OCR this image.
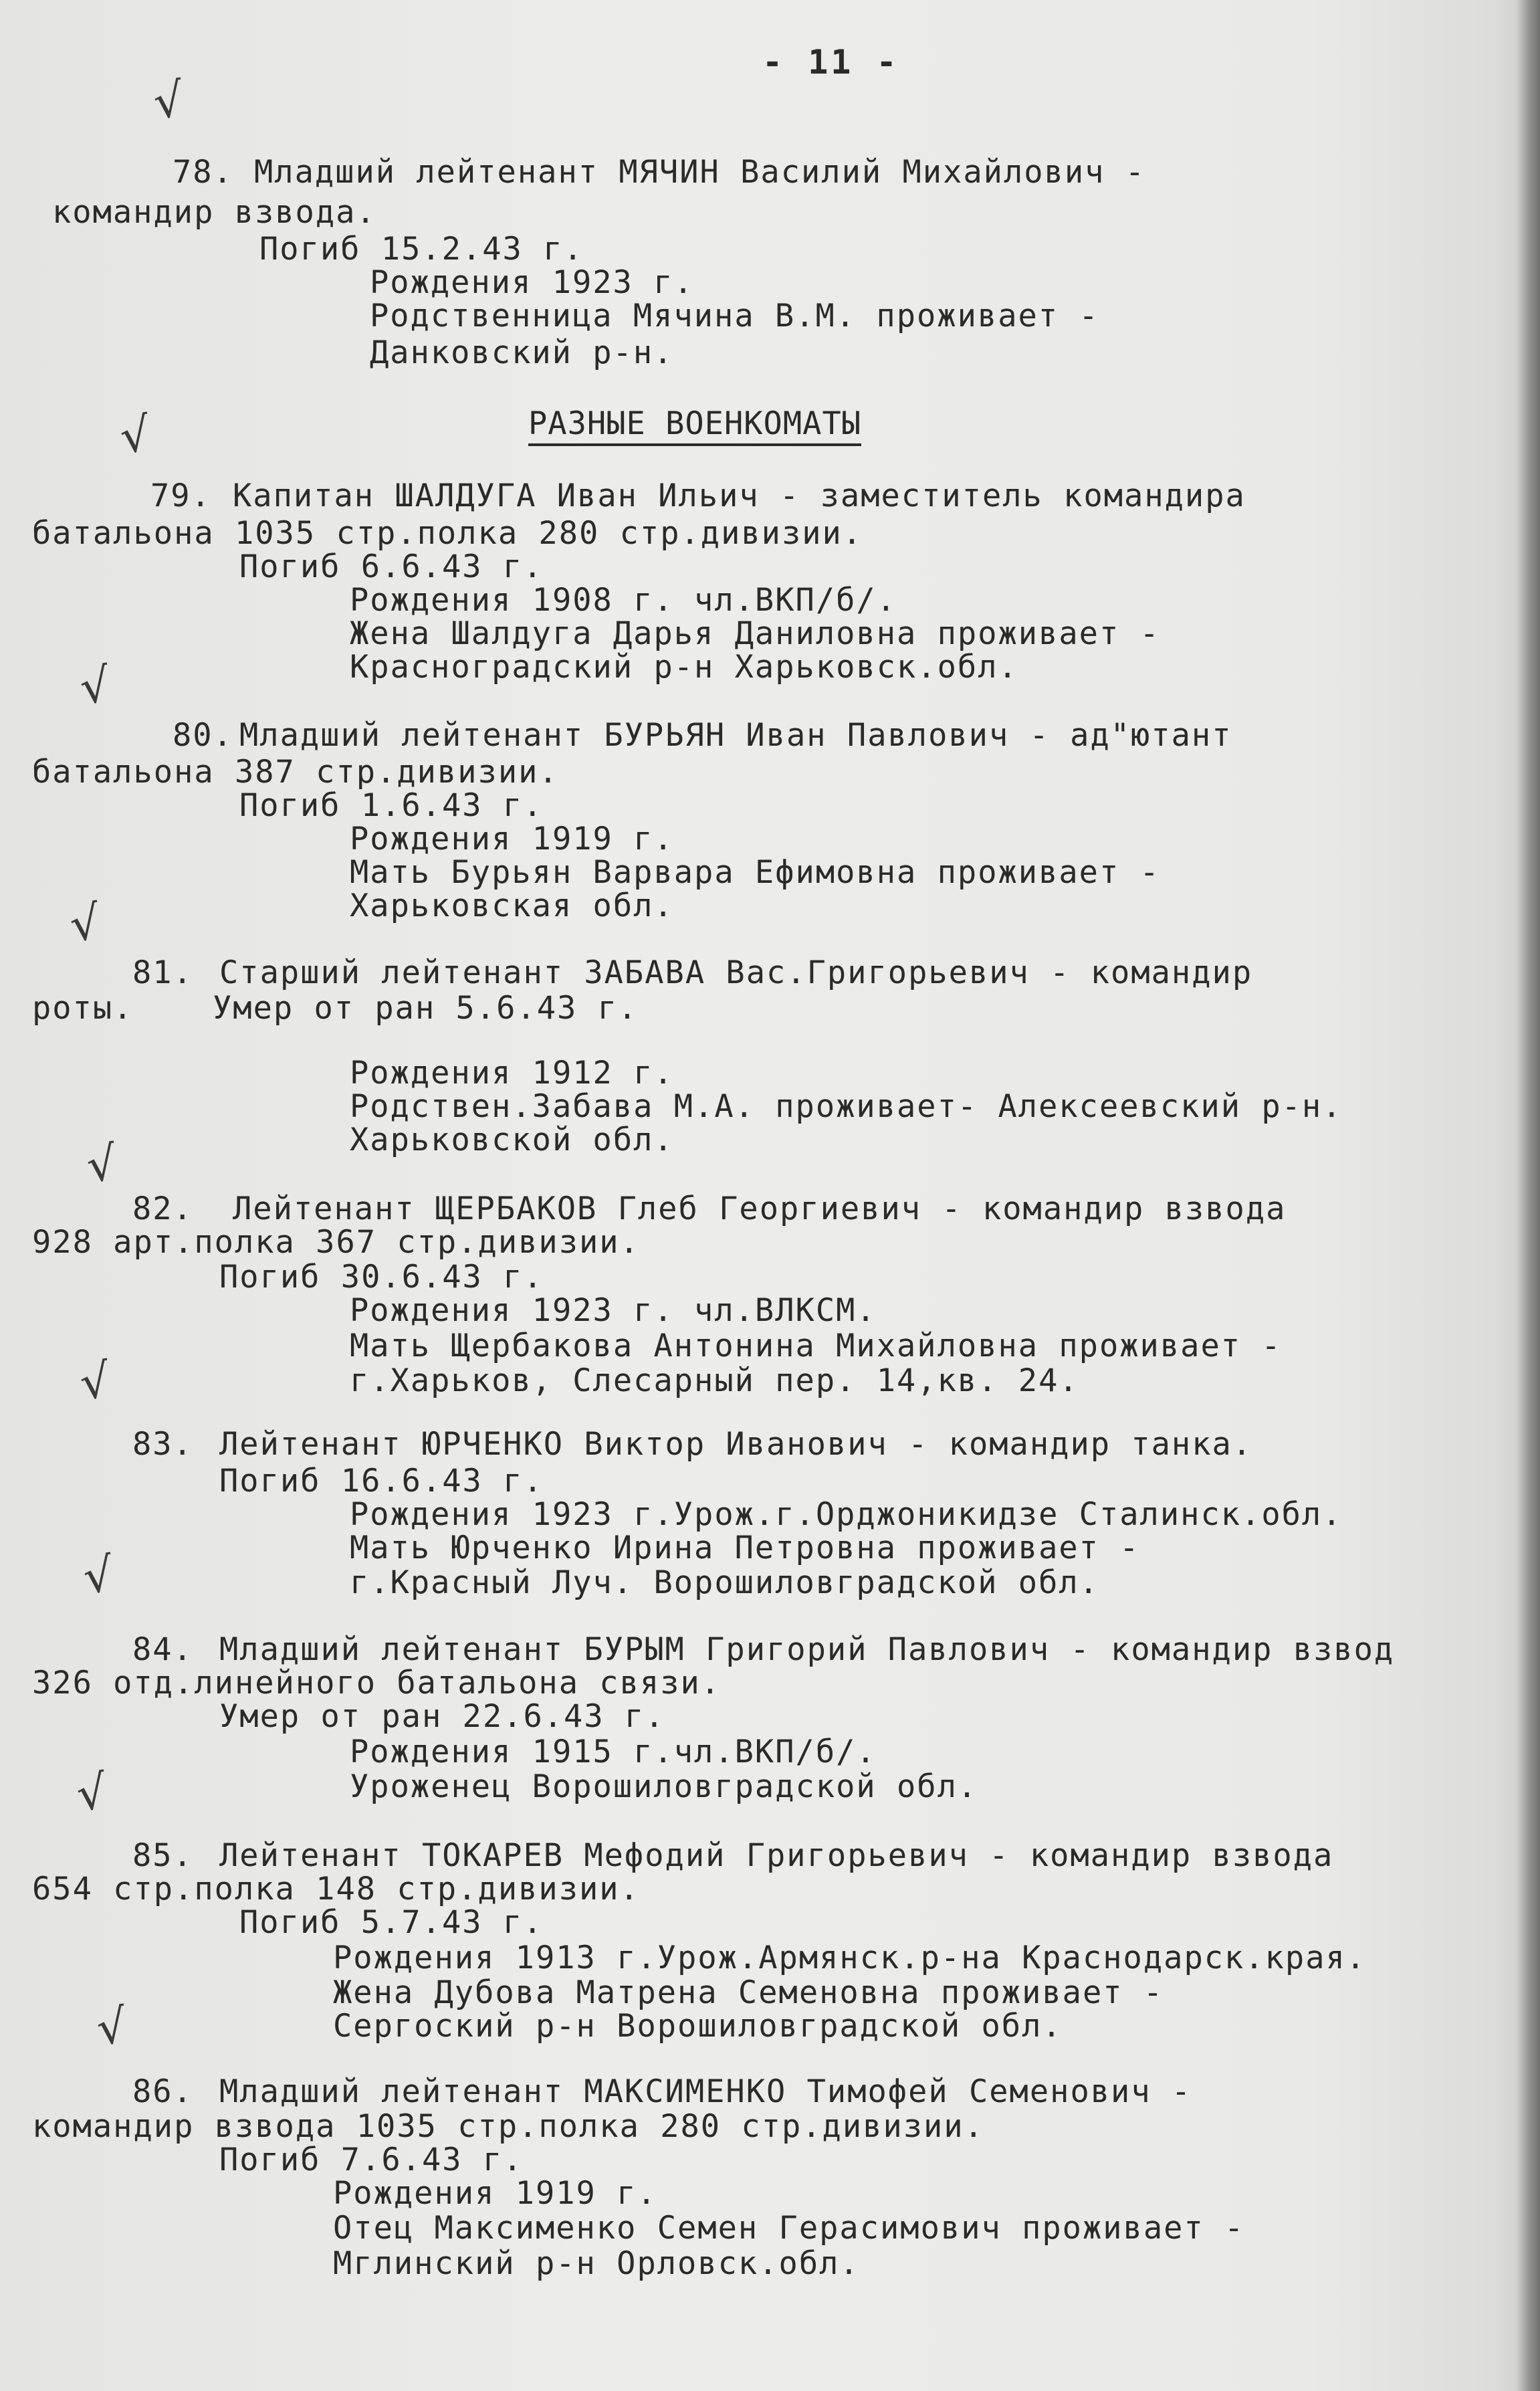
- 11 -
√
√
√
√
√
√
√
√
√
78. Младший лейтенант МЯЧИН Василий Михайлович -
командир взвода.
Погиб 15.2.43 г.
Рождения 1923 г.
Родственница Мячина В.М. проживает -
Данковский р-н.
РАЗНЫЕ ВОЕНКОМАТЫ
79. Капитан ШАЛДУГА Иван Ильич - заместитель командира
батальона 1035 стр.полка 280 стр.дивизии.
Погиб 6.6.43 г.
Рождения 1908 г. чл.ВКП/б/.
Жена Шалдуга Дарья Даниловна проживает -
Красноградский р-н Харьковск.обл.
80. Младший лейтенант БУРЬЯН Иван Павлович - ад"ютант
батальона 387 стр.дивизии.
Погиб 1.6.43 г.
Рождения 1919 г.
Мать Бурьян Варвара Ефимовна проживает -
Харьковская обл.
81. Старший лейтенант ЗАБАВА Вас.Григорьевич - командир
роты.	Умер от ран 5.6.43 г.
Рождения 1912 г.
Родствен.Забава М.А. проживает- Алексеевский р-н.
Харьковской обл.
82. Лейтенант ЩЕРБАКОВ Глеб Георгиевич - командир взвода
928 арт.полка 367 стр.дивизии.
Погиб 30.6.43 г.
Рождения 1923 г. чл.ВЛКСМ.
Мать Щербакова Антонина Михайловна проживает -
г.Харьков, Слесарный пер. 14,кв. 24.
83. Лейтенант ЮРЧЕНКО Виктор Иванович - командир танка.
Погиб 16.6.43 г.
Рождения 1923 г.Урож.г.Орджоникидзе Сталинск.обл.
Мать Юрченко Ирина Петровна проживает -
г.Красный Луч. Ворошиловградской обл.
84. Младший лейтенант БУРЫМ Григорий Павлович - командир взвод
326 отд.линейного батальона связи.
Умер от ран 22.6.43 г.
Рождения 1915 г.чл.ВКП/б/.
Уроженец Ворошиловградской обл.
85. Лейтенант ТОКАРЕВ Мефодий Григорьевич - командир взвода
654 стр.полка 148 стр.дивизии.
Погиб 5.7.43 г.
Рождения 1913 г.Урож.Армянск.р-на Краснодарск.края.
Жена Дубова Матрена Семеновна проживает -
Сергоский р-н Ворошиловградской обл.
86. Младший лейтенант МАКСИМЕНКО Тимофей Семенович -
командир взвода 1035 стр.полка 280 стр.дивизии.
Погиб 7.6.43 г.
Рождения 1919 г.
Отец Максименко Семен Герасимович проживает -
Мглинский р-н Орловск.обл.
